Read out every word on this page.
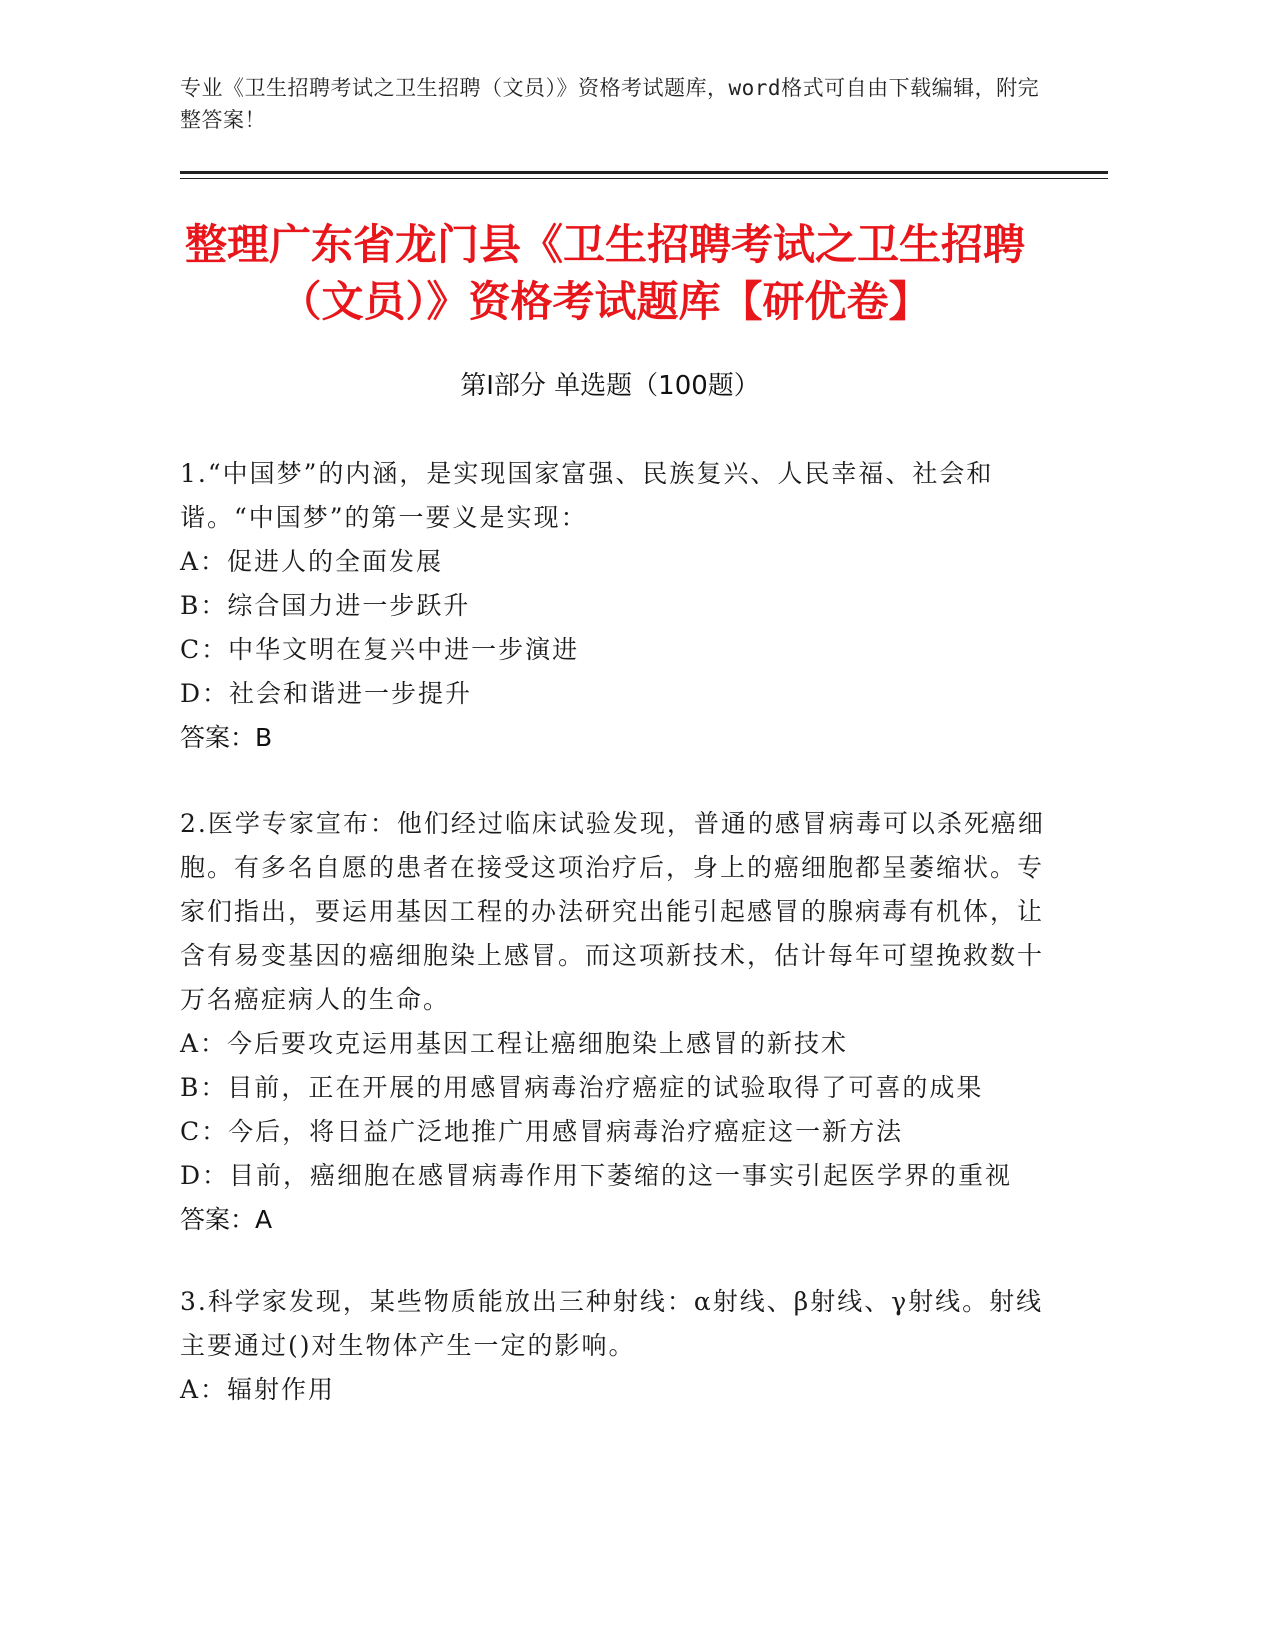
专业《卫生招聘考试之卫生招聘（文员）》资格考试题库，word格式可自由下载编辑，附完整答案！
整理广东省龙门县《卫生招聘考试之卫生招聘（文员）》资格考试题库【研优卷】
第Ⅰ部分 单选题（100题）
1.“中国梦”的内涵，是实现国家富强、民族复兴、人民幸福、社会和谐。“中国梦”的第一要义是实现：
A：促进人的全面发展
B：综合国力进一步跃升
C：中华文明在复兴中进一步演进
D：社会和谐进一步提升
答案：B
2.医学专家宣布：他们经过临床试验发现，普通的感冒病毒可以杀死癌细胞。有多名自愿的患者在接受这项治疗后，身上的癌细胞都呈萎缩状。专家们指出，要运用基因工程的办法研究出能引起感冒的腺病毒有机体，让含有易变基因的癌细胞染上感冒。而这项新技术，估计每年可望挽救数十万名癌症病人的生命。
A：今后要攻克运用基因工程让癌细胞染上感冒的新技术
B：目前，正在开展的用感冒病毒治疗癌症的试验取得了可喜的成果
C：今后，将日益广泛地推广用感冒病毒治疗癌症这一新方法
D：目前，癌细胞在感冒病毒作用下萎缩的这一事实引起医学界的重视
答案：A
3.科学家发现，某些物质能放出三种射线：α射线、β射线、γ射线。射线主要通过()对生物体产生一定的影响。
A：辐射作用
